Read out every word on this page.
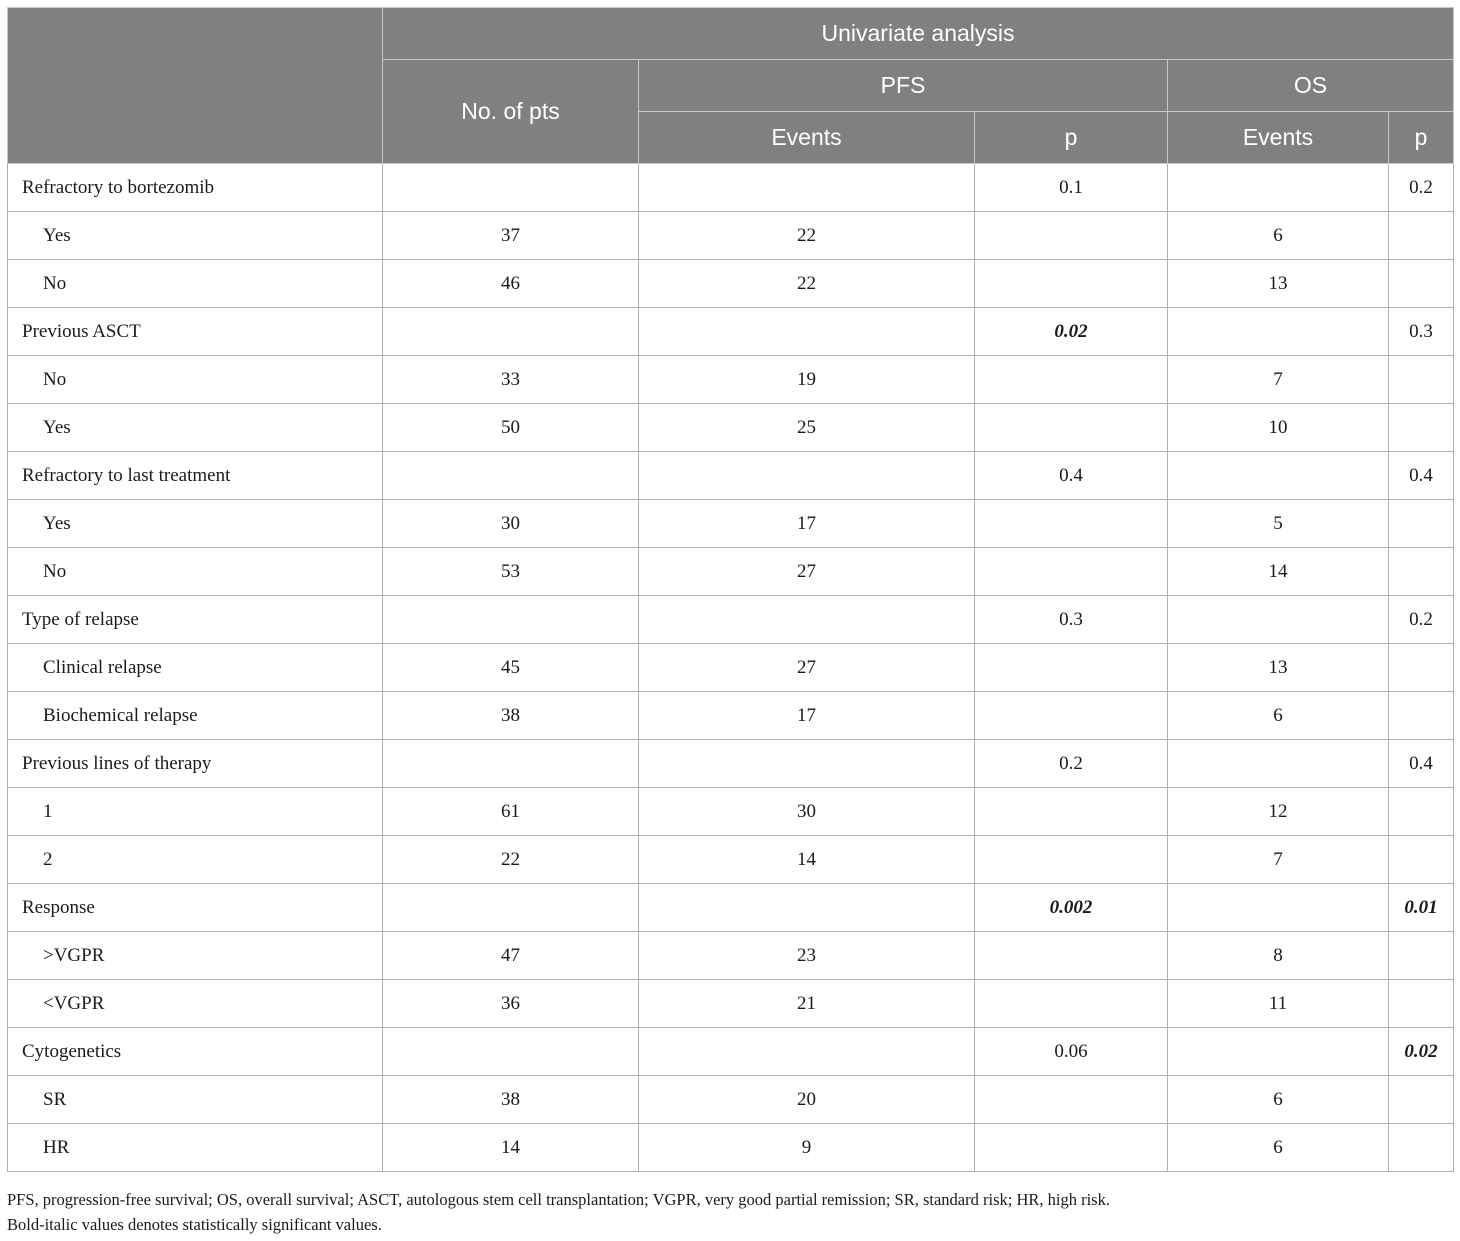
	Univariate analysis				
	No. of pts	PFS		OS	
		Events	p	Events	p
Refractory to bortezomib			0.1		0.2
Yes	37	22		6	
No	46	22		13	
Previous ASCT			0.02		0.3
No	33	19		7	
Yes	50	25		10	
Refractory to last treatment			0.4		0.4
Yes	30	17		5	
No	53	27		14	
Type of relapse			0.3		0.2
Clinical relapse	45	27		13	
Biochemical relapse	38	17		6	
Previous lines of therapy			0.2		0.4
1	61	30		12	
2	22	14		7	
Response			0.002		0.01
>VGPR	47	23		8	
<VGPR	36	21		11	
Cytogenetics			0.06		0.02
SR	38	20		6	
HR	14	9		6	

PFS, progression-free survival; OS, overall survival; ASCT, autologous stem cell transplantation; VGPR, very good partial remission; SR, standard risk; HR, high risk.

Bold-italic values denotes statistically significant values.
